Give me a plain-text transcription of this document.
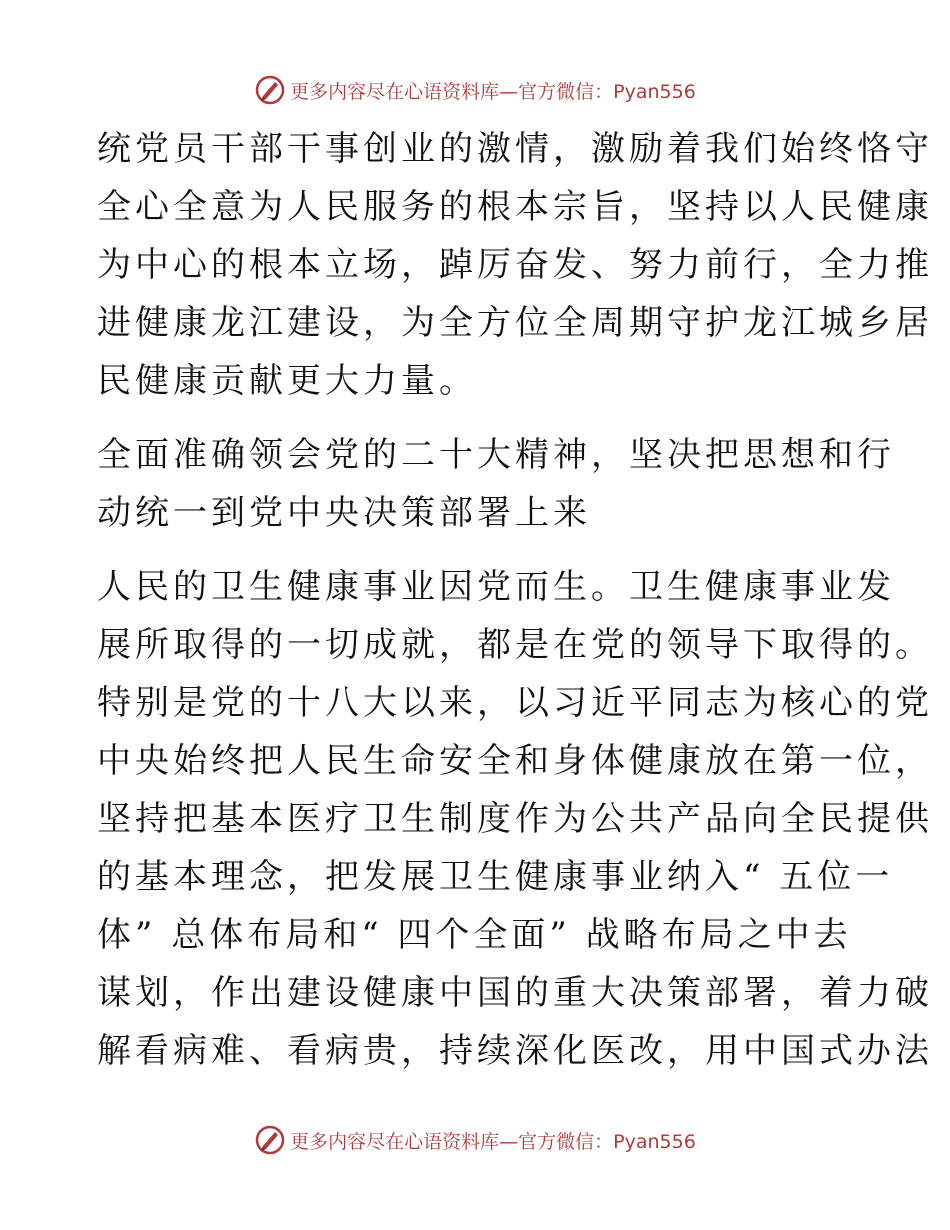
更多内容尽在心语资料库—官方微信：Pyan556
统党员干部干事创业的激情，激励着我们始终恪守
全心全意为人民服务的根本宗旨，坚持以人民健康
为中心的根本立场，踔厉奋发、努力前行，全力推
进健康龙江建设，为全方位全周期守护龙江城乡居
民健康贡献更大力量。
全面准确领会党的二十大精神，坚决把思想和行
动统一到党中央决策部署上来
人民的卫生健康事业因党而生。卫生健康事业发
展所取得的一切成就，都是在党的领导下取得的。
特别是党的十八大以来，以习近平同志为核心的党
中央始终把人民生命安全和身体健康放在第一位，
坚持把基本医疗卫生制度作为公共产品向全民提供
的基本理念，把发展卫生健康事业纳入“ 五位一
体” 总体布局和“ 四个全面” 战略布局之中去
谋划，作出建设健康中国的重大决策部署，着力破
解看病难、看病贵，持续深化医改，用中国式办法
更多内容尽在心语资料库—官方微信：Pyan556
